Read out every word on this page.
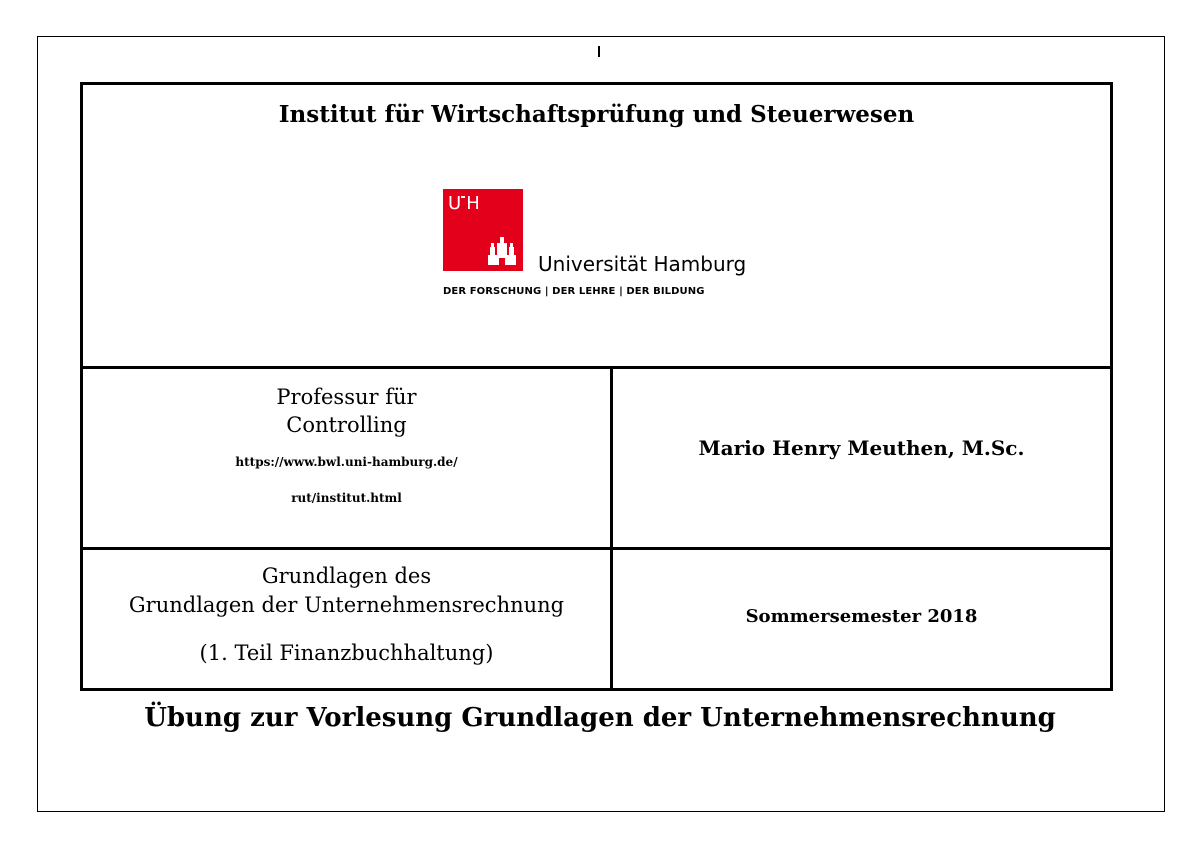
Institut für Wirtschaftsprüfung und Steuerwesen
U H
Universität Hamburg
DER FORSCHUNG | DER LEHRE | DER BILDUNG
Professur für
Controlling
https://www.bwl.uni-hamburg.de/
rut/institut.html
Mario Henry Meuthen, M.Sc.
Grundlagen des
Grundlagen der Unternehmensrechnung
(1. Teil Finanzbuchhaltung)
Sommersemester 2018
Übung zur Vorlesung Grundlagen der Unternehmensrechnung
